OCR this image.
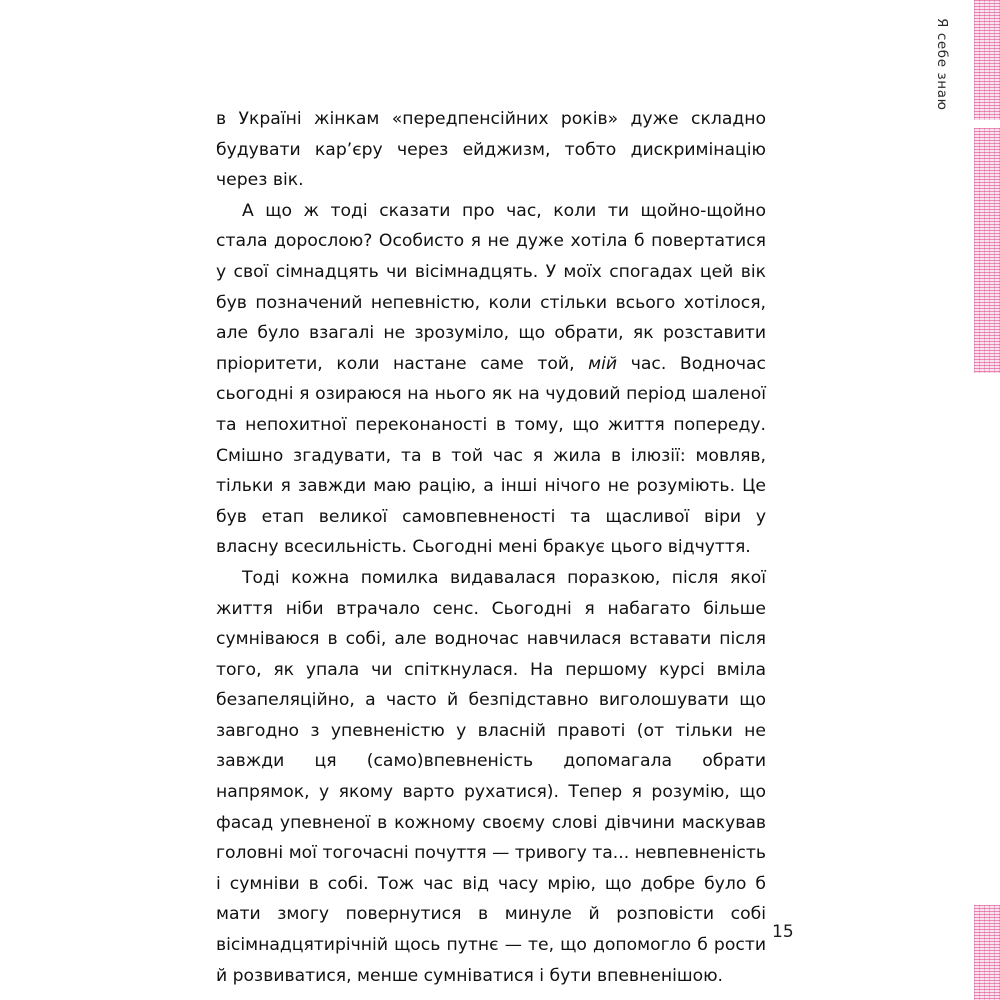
Я себе знаю

в Україні жінкам «передпенсійних років» дуже складно будувати кар’єру через ейджизм, тобто дискримінацію через вік.

А що ж тоді сказати про час, коли ти щойно-щойно стала дорослою? Особисто я не дуже хотіла б повертатися у свої сімнадцять чи вісімнадцять. У моїх спогадах цей вік був позначений непевністю, коли стільки всього хотілося, але було взагалі не зрозуміло, що обрати, як розставити пріоритети, коли настане саме той, мій час. Водночас сьогодні я озираюся на нього як на чудовий період шаленої та непохитної переконаності в тому, що життя попереду. Смішно згадувати, та в той час я жила в ілюзії: мовляв, тільки я завжди маю рацію, а інші нічого не розуміють. Це був етап великої самовпевненості та щасливої віри у власну всесильність. Сьогодні мені бракує цього відчуття.

Тоді кожна помилка видавалася поразкою, після якої життя ніби втрачало сенс. Сьогодні я набагато більше сумніваюся в собі, але водночас навчилася вставати після того, як упала чи спіткнулася. На першому курсі вміла безапеляційно, а часто й безпідставно виголошувати що завгодно з упевненістю у власній правоті (от тільки не завжди ця (само)впевненість допомагала обрати напрямок, у якому варто рухатися). Тепер я розумію, що фасад упевненої в кожному своєму слові дівчини маскував головні мої тогочасні почуття — тривогу та... невпевненість і сумніви в собі. Тож час від часу мрію, що добре було б мати змогу повернутися в минуле й розповісти собі вісімнадцятирічній щось путнє — те, що допомогло б рости й розвиватися, менше сумніватися і бути впевненішою.

15
